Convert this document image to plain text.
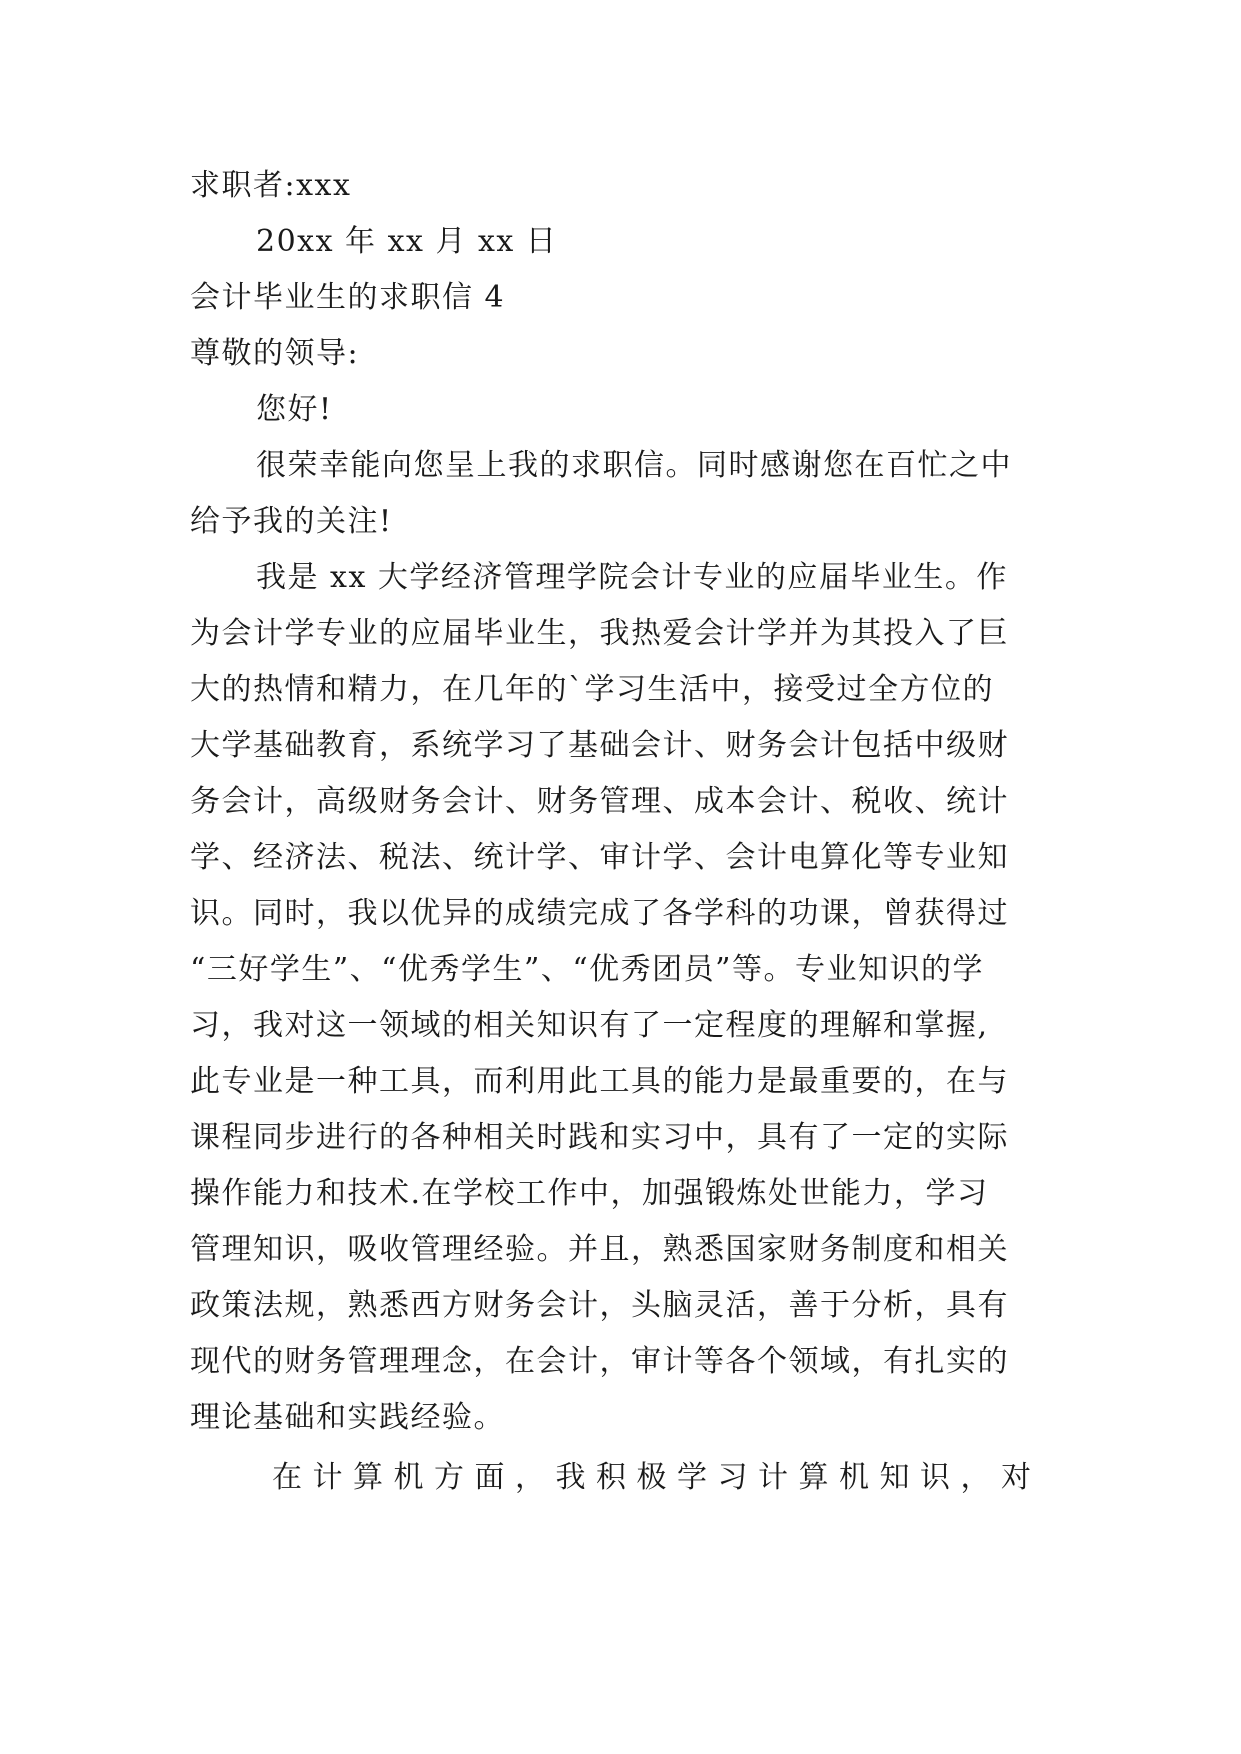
求职者:xxx
20xx 年 xx 月 xx 日
会计毕业生的求职信 4
尊敬的领导:
您好!
很荣幸能向您呈上我的求职信。同时感谢您在百忙之中
给予我的关注!
我是 xx 大学经济管理学院会计专业的应届毕业生。作
为会计学专业的应届毕业生，我热爱会计学并为其投入了巨
大的热情和精力，在几年的`学习生活中，接受过全方位的
大学基础教育，系统学习了基础会计、财务会计包括中级财
务会计，高级财务会计、财务管理、成本会计、税收、统计
学、经济法、税法、统计学、审计学、会计电算化等专业知
识。同时，我以优异的成绩完成了各学科的功课，曾获得过
“三好学生”、“优秀学生”、“优秀团员”等。专业知识的学
习，我对这一领域的相关知识有了一定程度的理解和掌握,
此专业是一种工具，而利用此工具的能力是最重要的，在与
课程同步进行的各种相关时践和实习中，具有了一定的实际
操作能力和技术.在学校工作中，加强锻炼处世能力，学习
管理知识，吸收管理经验。并且，熟悉国家财务制度和相关
政策法规，熟悉西方财务会计，头脑灵活，善于分析，具有
现代的财务管理理念，在会计，审计等各个领域，有扎实的
理论基础和实践经验。
在计算机方面，我积极学习计算机知识，对
